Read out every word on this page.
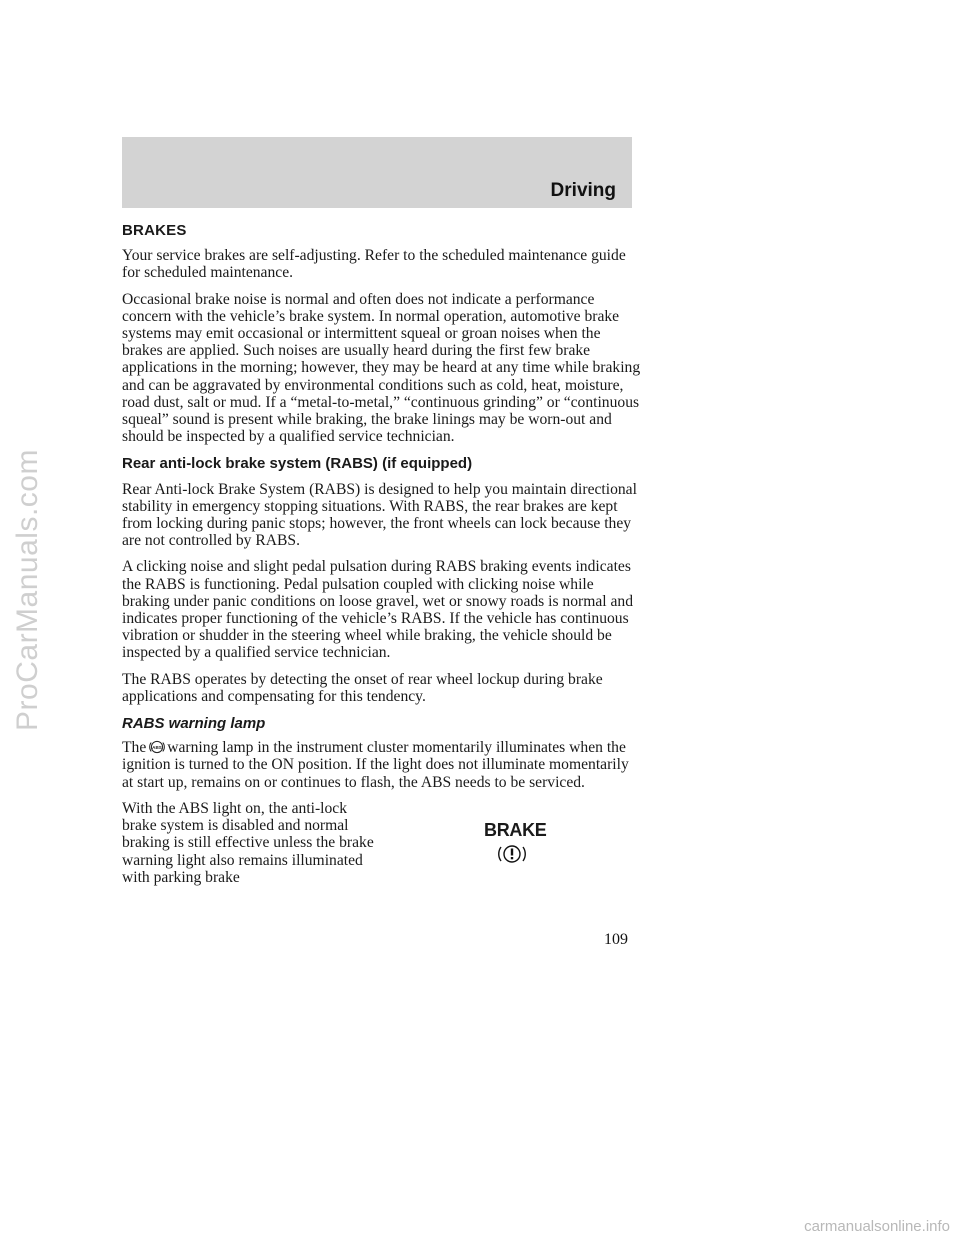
ProCarManuals.com
Driving
BRAKES

Your service brakes are self-adjusting. Refer to the scheduled maintenance guide for scheduled maintenance.

Occasional brake noise is normal and often does not indicate a performance concern with the vehicle’s brake system. In normal operation, automotive brake systems may emit occasional or intermittent squeal or groan noises when the brakes are applied. Such noises are usually heard during the first few brake applications in the morning; however, they may be heard at any time while braking and can be aggravated by environmental conditions such as cold, heat, moisture, road dust, salt or mud. If a “metal-to-metal,” “continuous grinding” or “continuous squeal” sound is present while braking, the brake linings may be worn-out and should be inspected by a qualified service technician.

Rear anti-lock brake system (RABS) (if equipped)

Rear Anti-lock Brake System (RABS) is designed to help you maintain directional stability in emergency stopping situations. With RABS, the rear brakes are kept from locking during panic stops; however, the front wheels can lock because they are not controlled by RABS.

A clicking noise and slight pedal pulsation during RABS braking events indicates the RABS is functioning. Pedal pulsation coupled with clicking noise while braking under panic conditions on loose gravel, wet or snowy roads is normal and indicates proper functioning of the vehicle’s RABS. If the vehicle has continuous vibration or shudder in the steering wheel while braking, the vehicle should be inspected by a qualified service technician.

The RABS operates by detecting the onset of rear wheel lockup during brake applications and compensating for this tendency.

RABS warning lamp

The ABS warning lamp in the instrument cluster momentarily illuminates when the ignition is turned to the ON position. If the light does not illuminate momentarily at start up, remains on or continues to flash, the ABS needs to be serviced.

With the ABS light on, the anti-lock brake system is disabled and normal braking is still effective unless the brake warning light also remains illuminated with parking brake

BRAKE
109
carmanualsonline.info
